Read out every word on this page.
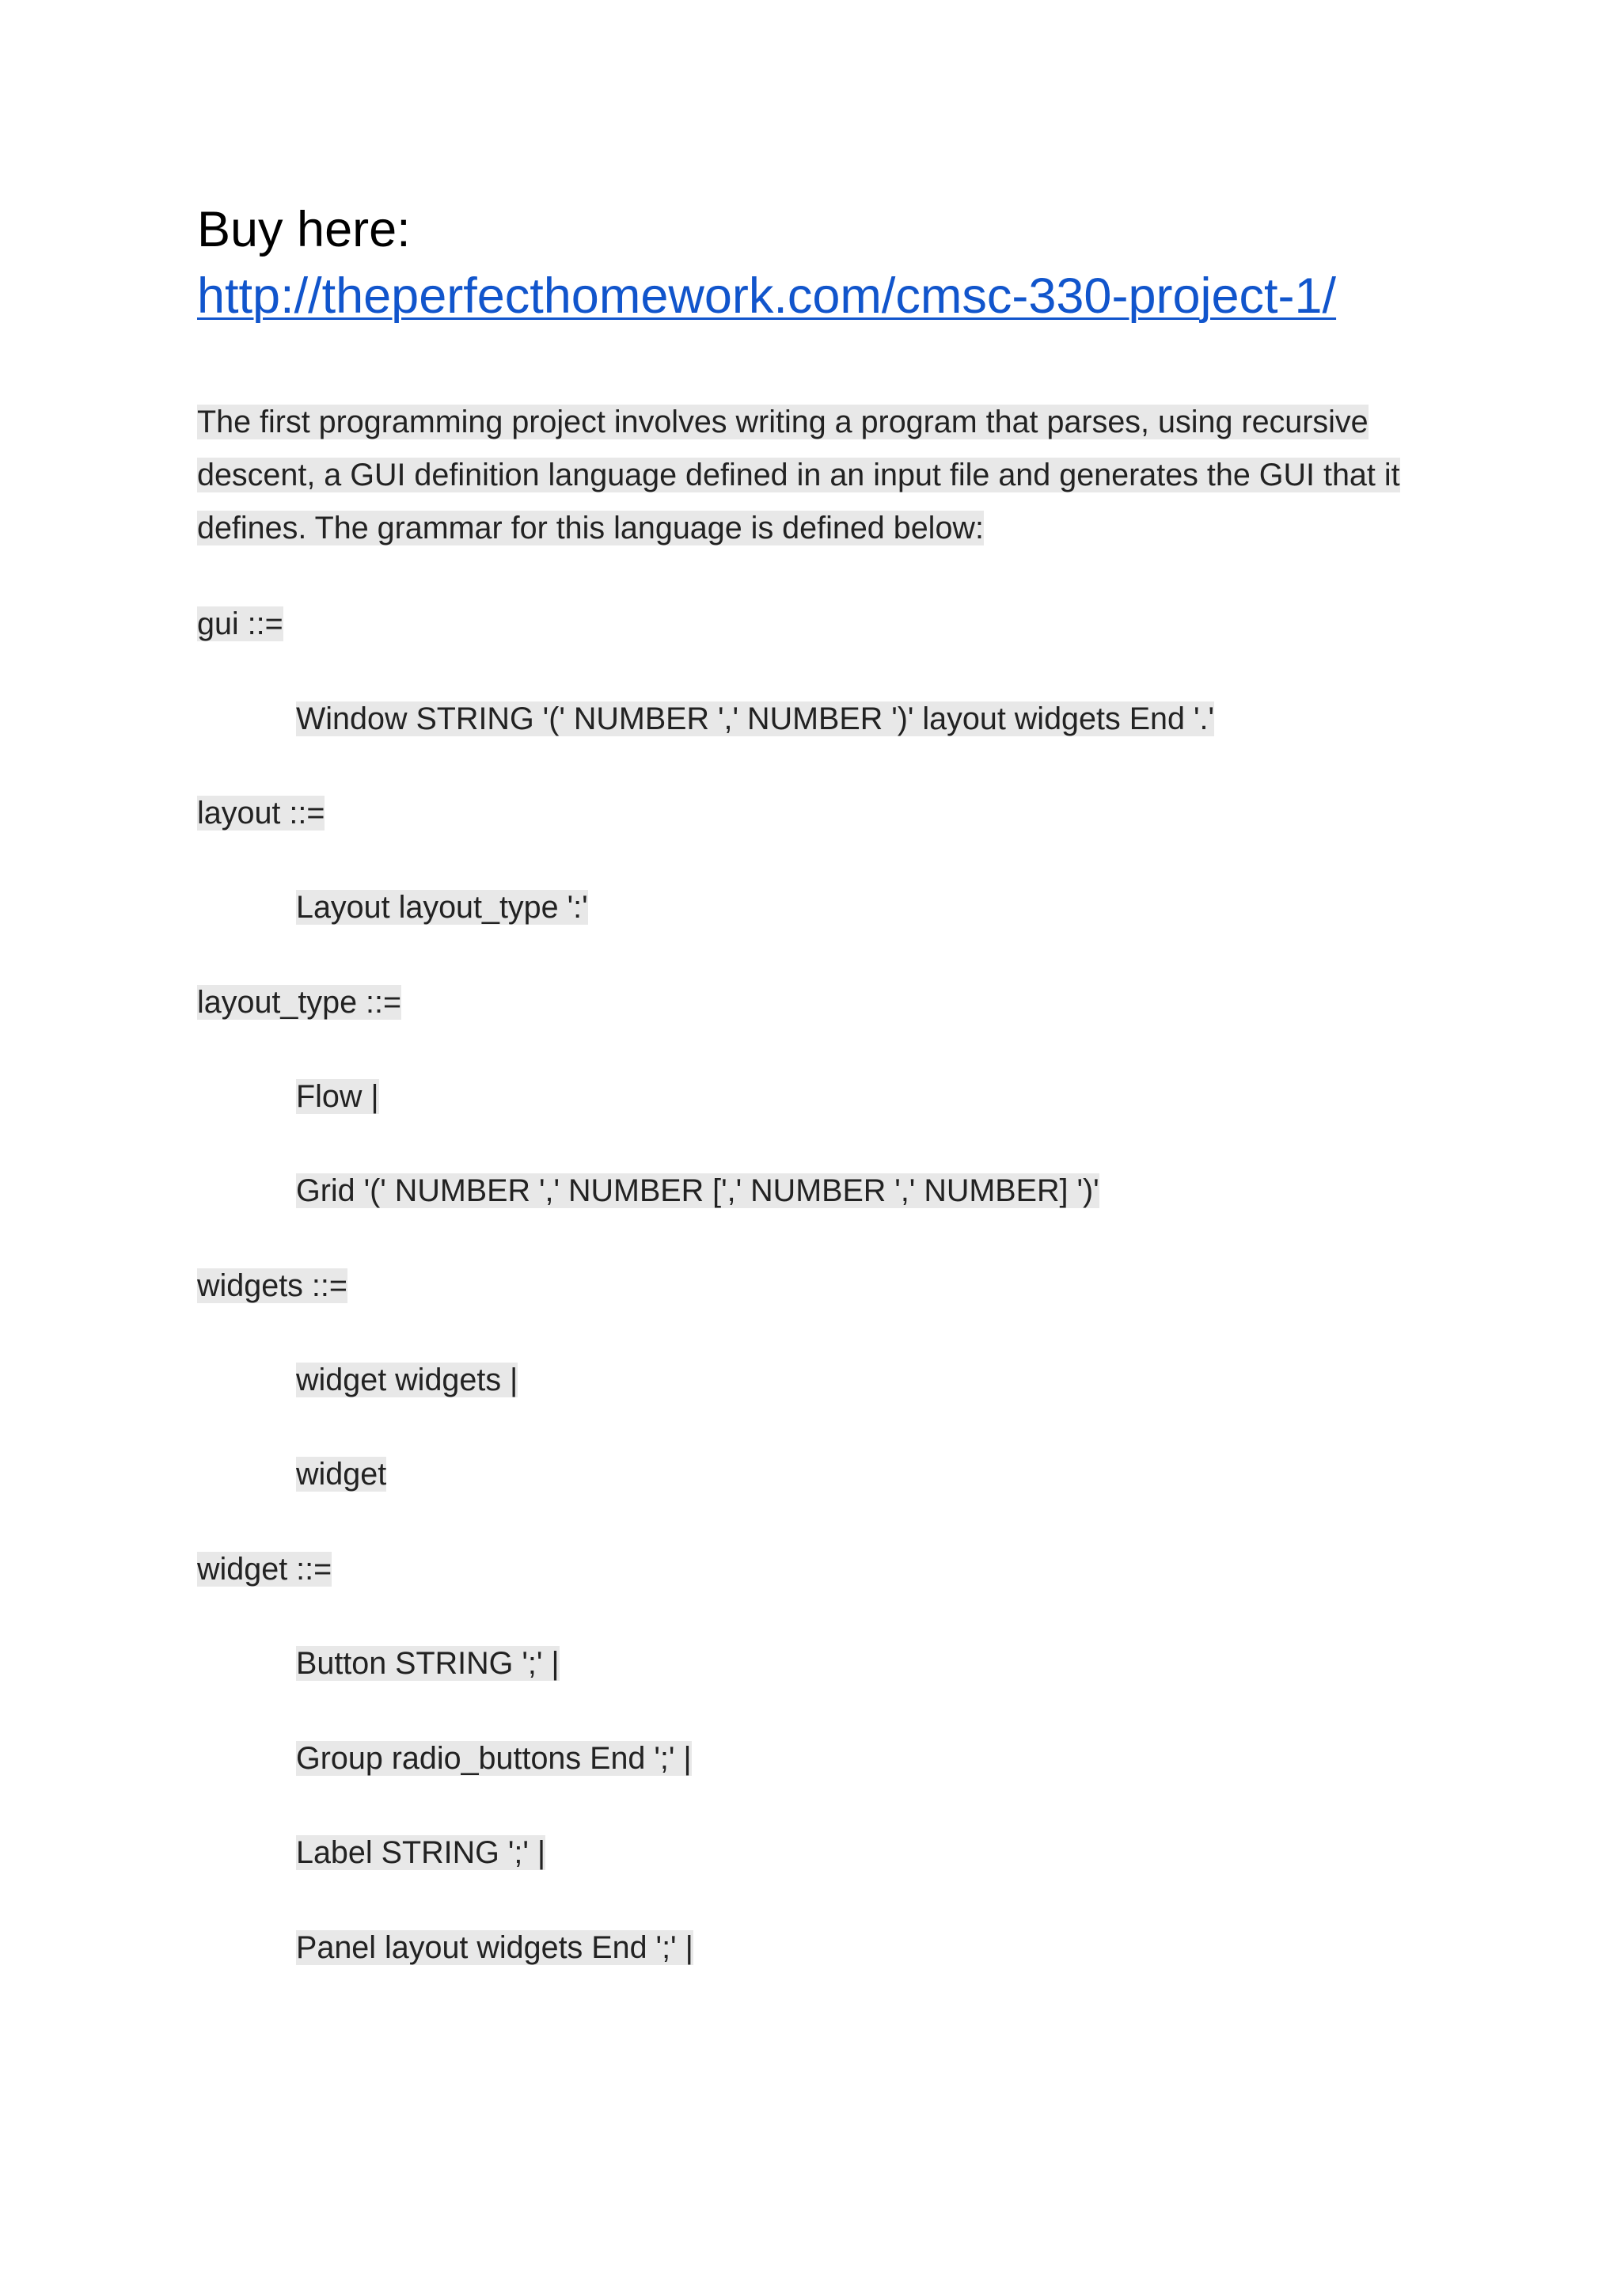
Buy here:
http://theperfecthomework.com/cmsc-330-project-1/
The first programming project involves writing a program that parses, using recursive descent, a GUI definition language defined in an input file and generates the GUI that it defines. The grammar for this language is defined below:
gui ::=
Window STRING '(' NUMBER ',' NUMBER ')' layout widgets End '.'
layout ::=
Layout layout_type ':'
layout_type ::=
Flow |
Grid '(' NUMBER ',' NUMBER [',' NUMBER ',' NUMBER] ')'
widgets ::=
widget widgets |
widget
widget ::=
Button STRING ';' |
Group radio_buttons End ';' |
Label STRING ';' |
Panel layout widgets End ';' |
